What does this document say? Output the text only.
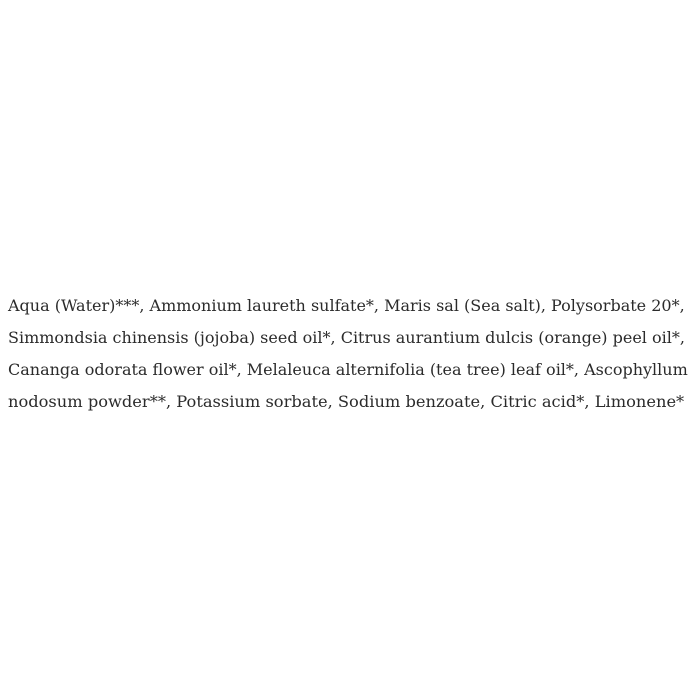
Aqua (Water)***, Ammonium laureth sulfate*, Maris sal (Sea salt), Polysorbate 20*,
Simmondsia chinensis (jojoba) seed oil*, Citrus aurantium dulcis (orange) peel oil*,
Cananga odorata flower oil*, Melaleuca alternifolia (tea tree) leaf oil*, Ascophyllum
nodosum powder**, Potassium sorbate, Sodium benzoate, Citric acid*, Limonene*
